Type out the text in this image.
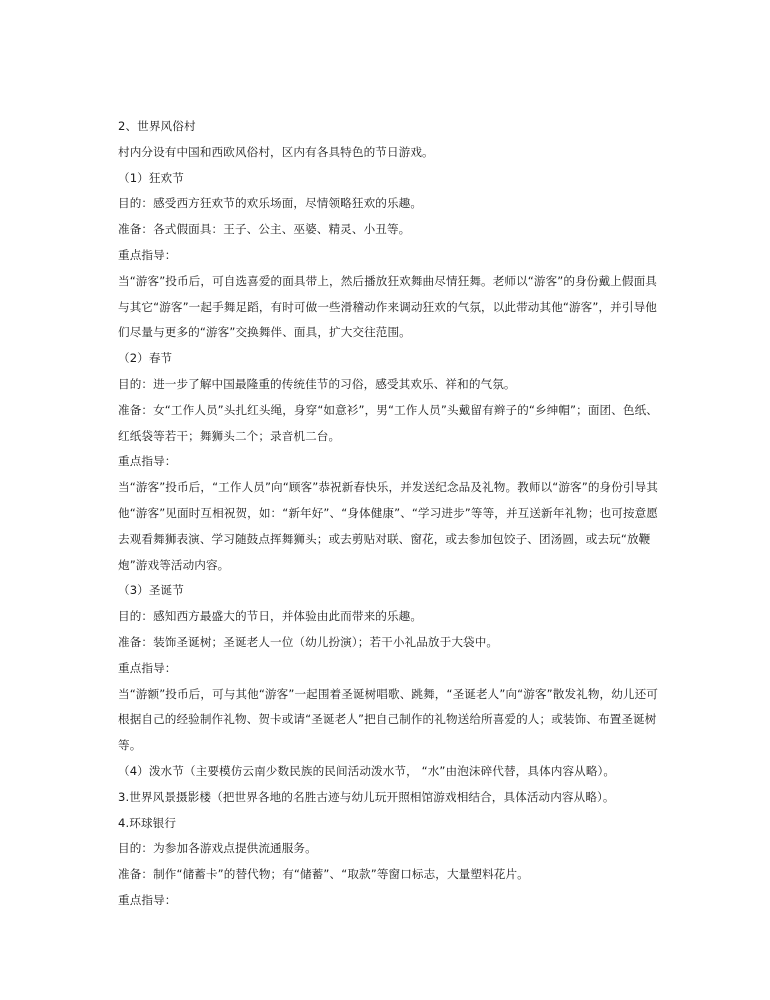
2、世界风俗村
村内分设有中国和西欧风俗村，区内有各具特色的节日游戏。
（1）狂欢节
目的：感受西方狂欢节的欢乐场面，尽情领略狂欢的乐趣。
准备：各式假面具：王子、公主、巫婆、精灵、小丑等。
重点指导：
当“游客”投币后，可自选喜爱的面具带上，然后播放狂欢舞曲尽情狂舞。老师以“游客”的身份戴上假面具
与其它“游客”一起手舞足蹈，有时可做一些滑稽动作来调动狂欢的气氛，以此带动其他“游客”，并引导他
们尽量与更多的“游客”交换舞伴、面具，扩大交往范围。
（2）春节
目的：进一步了解中国最隆重的传统佳节的习俗，感受其欢乐、祥和的气氛。
准备：女“工作人员”头扎红头绳，身穿“如意衫”，男“工作人员”头戴留有辫子的“乡绅帽”；面团、色纸、
红纸袋等若干；舞狮头二个；录音机二台。
重点指导：
当“游客”投币后，“工作人员”向“顾客”恭祝新春快乐，并发送纪念品及礼物。教师以“游客”的身份引导其
他“游客”见面时互相祝贺，如：“新年好”、“身体健康”、“学习进步”等等，并互送新年礼物；也可按意愿
去观看舞狮表演、学习随鼓点挥舞狮头；或去剪贴对联、窗花，或去参加包饺子、团汤圆，或去玩“放鞭
炮”游戏等活动内容。
（3）圣诞节
目的：感知西方最盛大的节日，并体验由此而带来的乐趣。
准备：装饰圣诞树；圣诞老人一位（幼儿扮演）；若干小礼品放于大袋中。
重点指导：
当“游额”投币后，可与其他“游客”一起围着圣诞树唱歌、跳舞，“圣诞老人”向“游客”散发礼物，幼儿还可
根据自己的经验制作礼物、贺卡或请“圣诞老人”把自己制作的礼物送给所喜爱的人；或装饰、布置圣诞树
等。
（4）泼水节（主要模仿云南少数民族的民间活动泼水节， “水”由泡沫碎代替，具体内容从略）。
3.世界风景摄影楼（把世界各地的名胜古迹与幼儿玩开照相馆游戏相结合，具体活动内容从略）。
4.环球银行
目的：为参加各游戏点提供流通服务。
准备：制作“储蓄卡”的替代物；有“储蓄”、“取款”等窗口标志，大量塑料花片。
重点指导：
